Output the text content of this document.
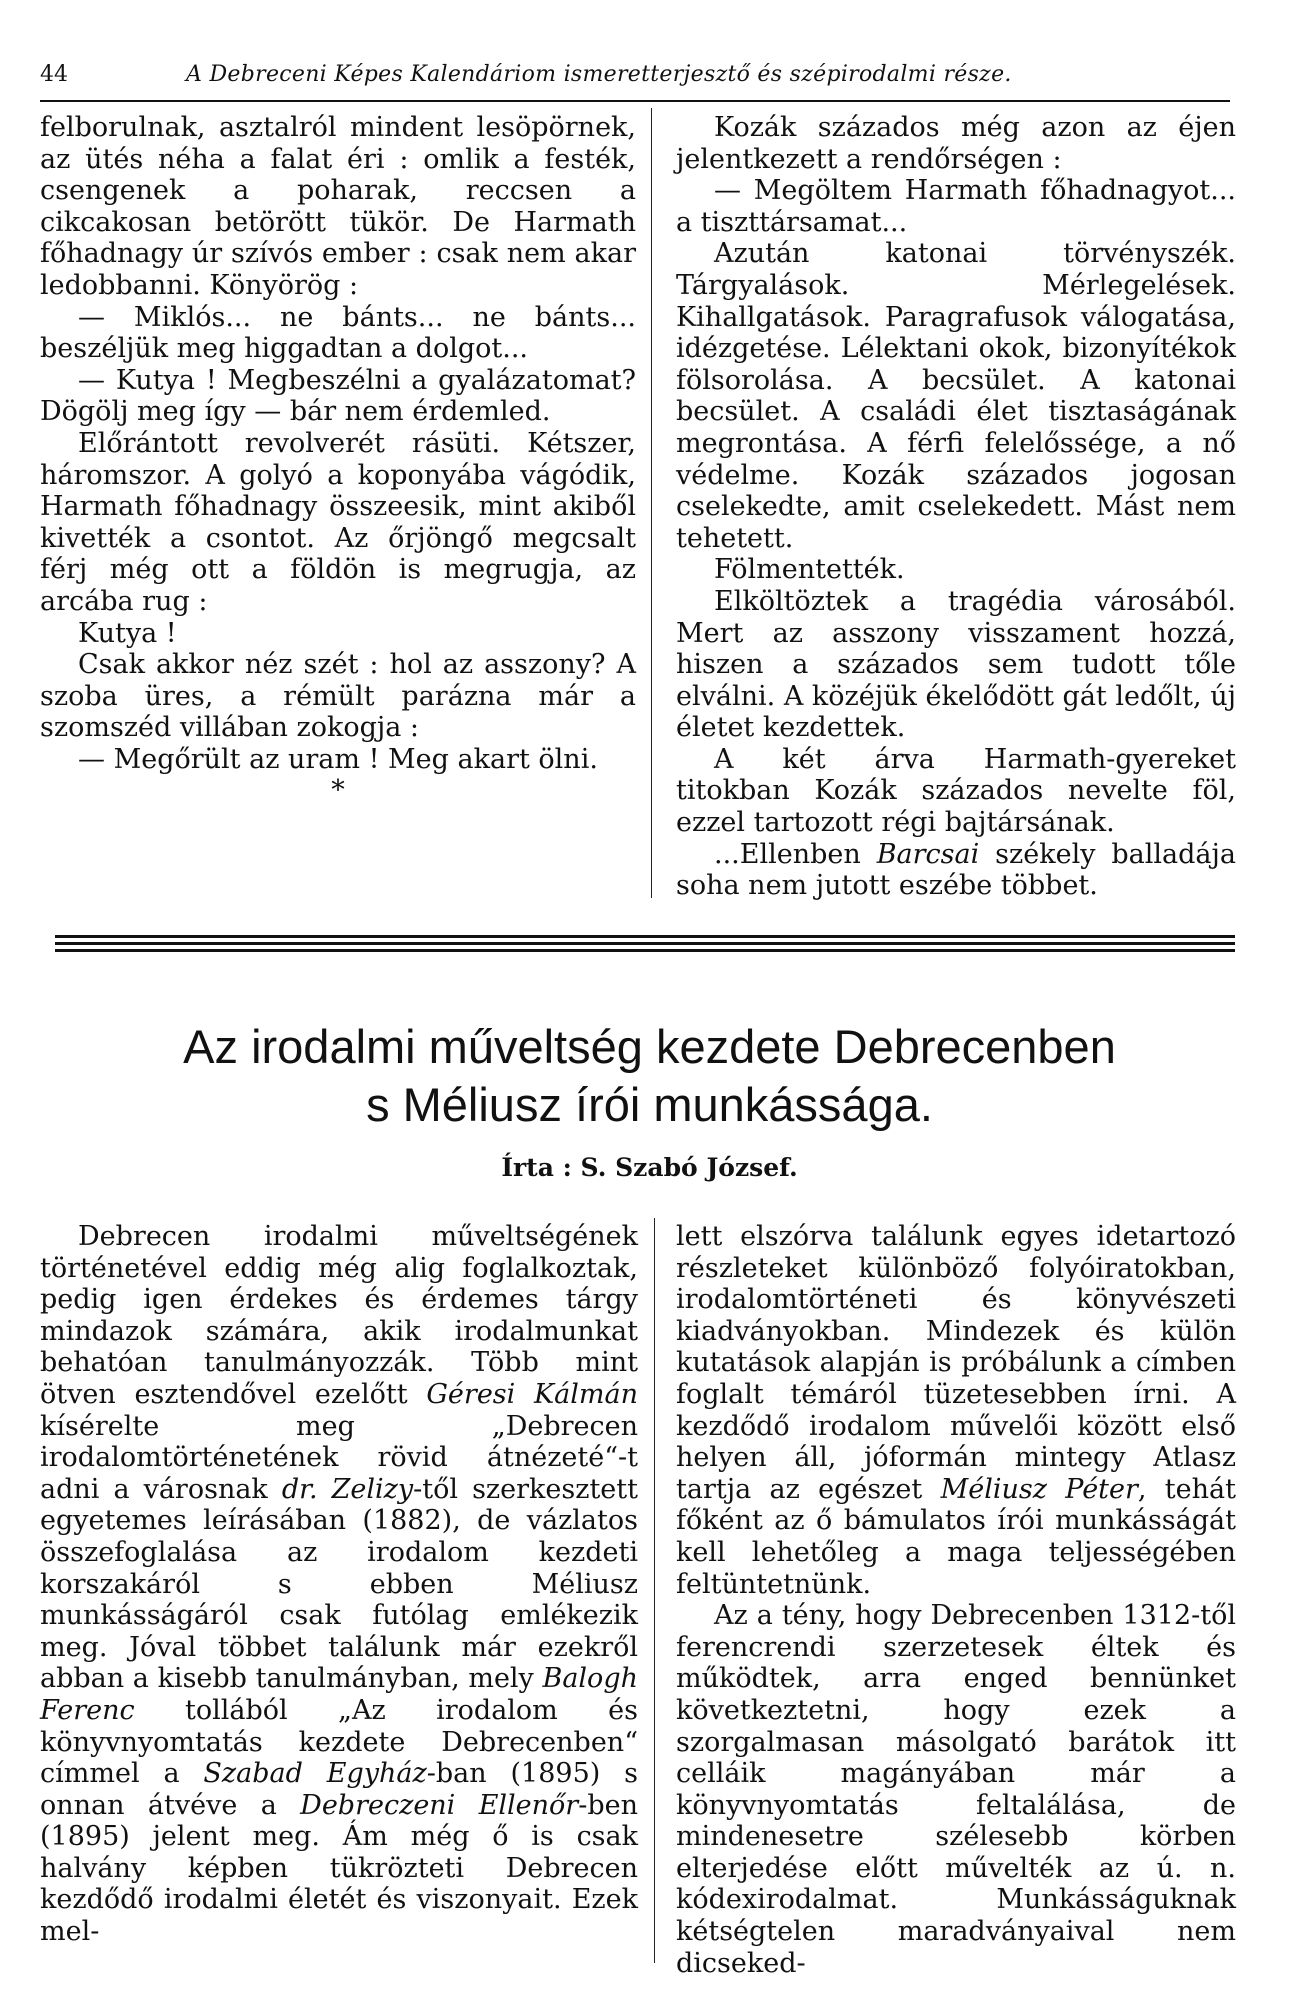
44	A Debreceni Képes Kalendáriom ismeretterjesztő és szépirodalmi része.

felborulnak, asztalról mindent lesöpörnek, az ütés néha a falat éri : omlik a festék, csengenek a poharak, reccsen a cikcakosan betörött tükör. De Harmath főhadnagy úr szívós ember : csak nem akar ledobbanni. Könyörög :

— Miklós... ne bánts... ne bánts... beszéljük meg higgadtan a dolgot...

— Kutya ! Megbeszélni a gyalázatomat? Dögölj meg így — bár nem érdemled.

Előrántott revolverét rásüti. Kétszer, háromszor. A golyó a koponyába vágódik, Harmath főhadnagy összeesik, mint akiből kivették a csontot. Az őrjöngő megcsalt férj még ott a földön is megrugja, az arcába rug :

Kutya !

Csak akkor néz szét : hol az asszony? A szoba üres, a rémült parázna már a szomszéd villában zokogja :

— Megőrült az uram ! Meg akart ölni.

*

Kozák százados még azon az éjen jelentkezett a rendőrségen :

— Megöltem Harmath főhadnagyot... a tiszttársamat...

Azután katonai törvényszék. Tárgyalások. Mérlegelések. Kihallgatások. Paragrafusok válogatása, idézgetése. Lélektani okok, bizonyítékok fölsorolása. A becsület. A katonai becsület. A családi élet tisztaságának megrontása. A férfi felelőssége, a nő védelme. Kozák százados jogosan cselekedte, amit cselekedett. Mást nem tehetett.

Fölmentették.

Elköltöztek a tragédia városából. Mert az asszony visszament hozzá, hiszen a százados sem tudott tőle elválni. A közéjük ékelődött gát ledőlt, új életet kezdettek.

A két árva Harmath-gyereket titokban Kozák százados nevelte föl, ezzel tartozott régi bajtársának.

...Ellenben Barcsai székely balladája soha nem jutott eszébe többet.

Az irodalmi műveltség kezdete Debrecenben
s Méliusz írói munkássága.
Írta : S. Szabó József.

Debrecen irodalmi műveltségének történetével eddig még alig foglalkoztak, pedig igen érdekes és érdemes tárgy mindazok számára, akik irodalmunkat behatóan tanulmányozzák. Több mint ötven esztendővel ezelőtt Géresi Kálmán kísérelte meg „Debrecen irodalomtörténetének rövid átnézeté“-t adni a városnak dr. Zelizy-től szerkesztett egyetemes leírásában (1882), de vázlatos összefoglalása az irodalom kezdeti korszakáról s ebben Méliusz munkásságáról csak futólag emlékezik meg. Jóval többet találunk már ezekről abban a kisebb tanulmányban, mely Balogh Ferenc tollából „Az irodalom és könyvnyomtatás kezdete Debrecenben“ címmel a Szabad Egyház-ban (1895) s onnan átvéve a Debreczeni Ellenőr-ben (1895) jelent meg. Ám még ő is csak halvány képben tükrözteti Debrecen kezdődő irodalmi életét és viszonyait. Ezek mel-

lett elszórva találunk egyes idetartozó részleteket különböző folyóiratokban, irodalomtörténeti és könyvészeti kiadványokban. Mindezek és külön kutatások alapján is próbálunk a címben foglalt témáról tüzetesebben írni. A kezdődő irodalom művelői között első helyen áll, jóformán mintegy Atlasz tartja az egészet Méliusz Péter, tehát főként az ő bámulatos írói munkásságát kell lehetőleg a maga teljességében feltüntetnünk.

Az a tény, hogy Debrecenben 1312-től ferencrendi szerzetesek éltek és működtek, arra enged bennünket következtetni, hogy ezek a szorgalmasan másolgató barátok itt celláik magányában már a könyvnyomtatás feltalálása, de mindenesetre szélesebb körben elterjedése előtt művelték az ú. n. kódexirodalmat. Munkásságuknak kétségtelen maradványaival nem dicseked-
